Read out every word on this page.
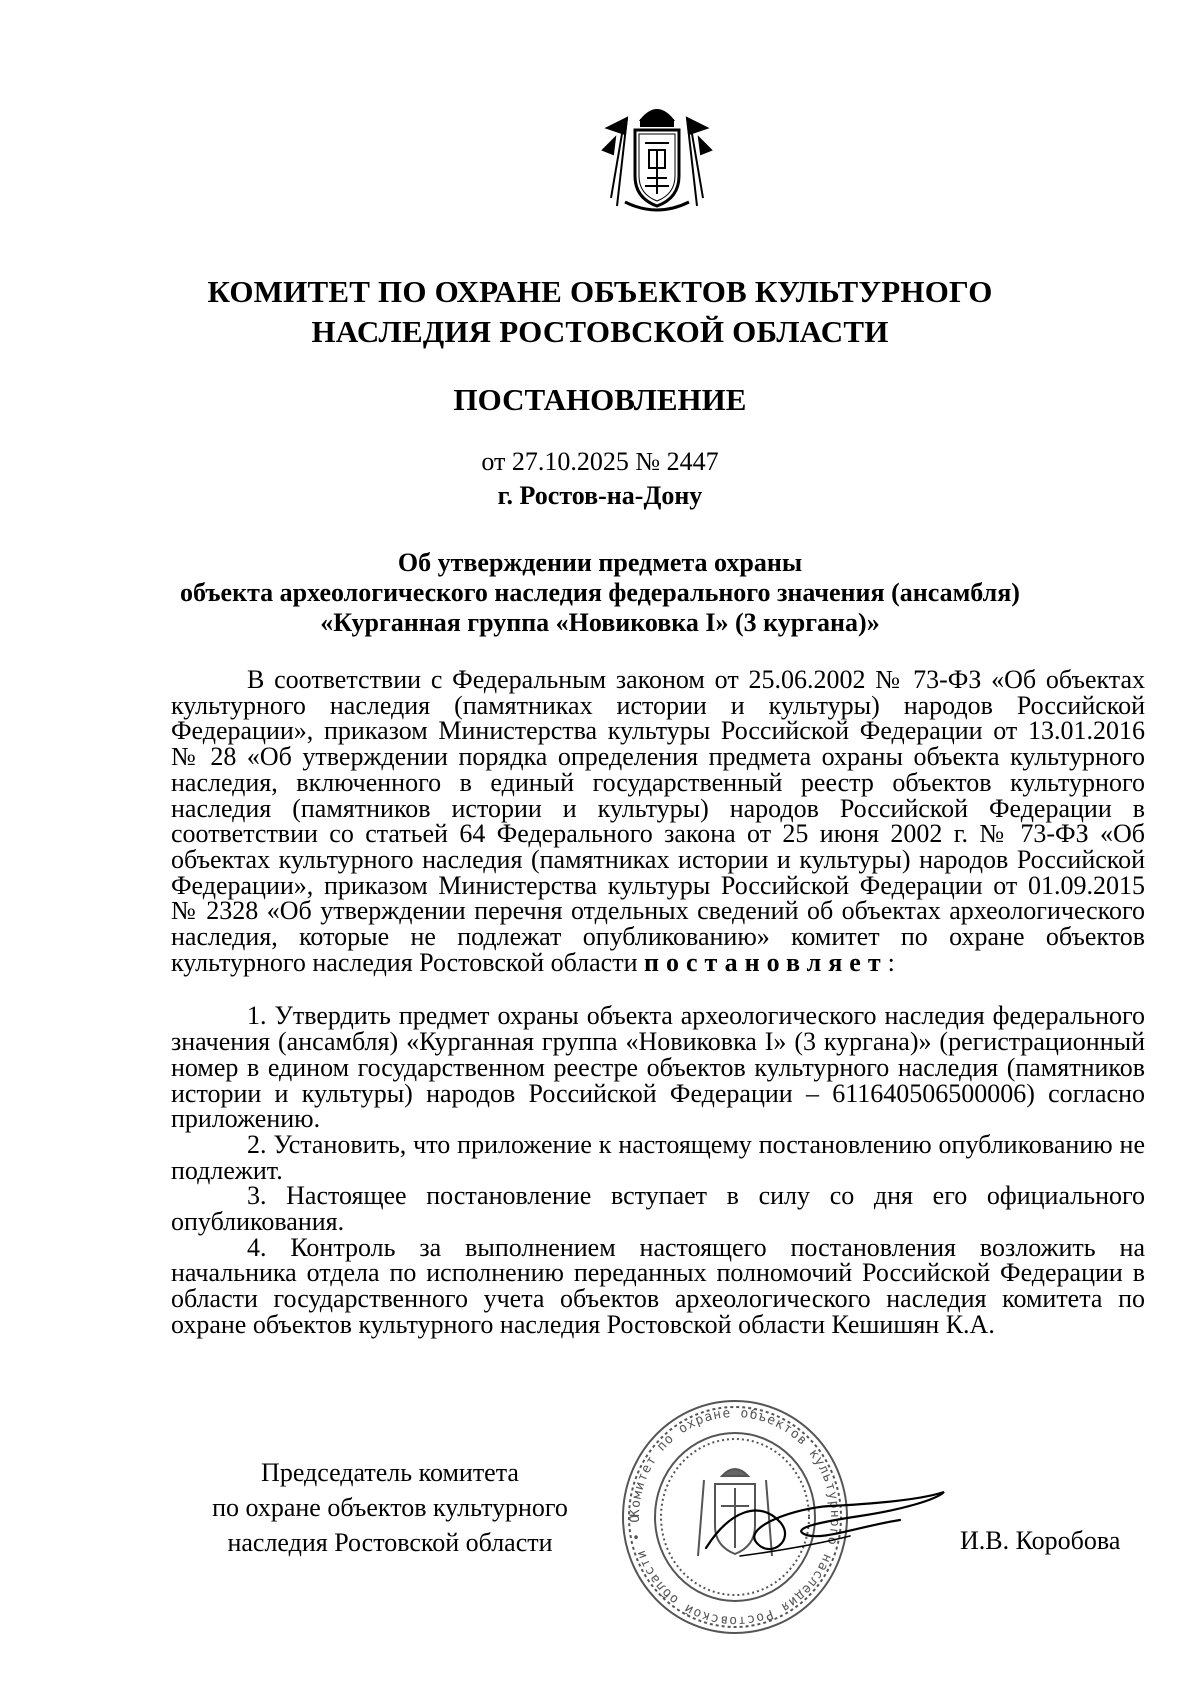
КОМИТЕТ ПО ОХРАНЕ ОБЪЕКТОВ КУЛЬТУРНОГО
НАСЛЕДИЯ РОСТОВСКОЙ ОБЛАСТИ
ПОСТАНОВЛЕНИЕ
от 27.10.2025 № 2447
г. Ростов-на-Дону
Об утверждении предмета охраны
объекта археологического наследия федерального значения (ансамбля)
«Курганная группа «Новиковка I» (3 кургана)»

В соответствии с Федеральным законом от 25.06.2002 № 73-ФЗ «Об объектах культурного наследия (памятниках истории и культуры) народов Российской Федерации», приказом Министерства культуры Российской Федерации от 13.01.2016 № 28 «Об утверждении порядка определения предмета охраны объекта культурного наследия, включенного в единый государственный реестр объектов культурного наследия (памятников истории и культуры) народов Российской Федерации в соответствии со статьей 64 Федерального закона от 25 июня 2002 г. № 73-ФЗ «Об объектах культурного наследия (памятниках истории и культуры) народов Российской Федерации», приказом Министерства культуры Российской Федерации от 01.09.2015 № 2328 «Об утверждении перечня отдельных сведений об объектах археологического наследия, которые не подлежат опубликованию» комитет по охране объектов культурного наследия Ростовской области постановляет:

1. Утвердить предмет охраны объекта археологического наследия федерального значения (ансамбля) «Курганная группа «Новиковка I» (3 кургана)» (регистрационный номер в едином государственном реестре объектов культурного наследия (памятников истории и культуры) народов Российской Федерации – 611640506500006) согласно приложению.

2. Установить, что приложение к настоящему постановлению опубликованию не подлежит.

3. Настоящее постановление вступает в силу со дня его официального опубликования.

4. Контроль за выполнением настоящего постановления возложить на начальника отдела по исполнению переданных полномочий Российской Федерации в области государственного учета объектов археологического наследия комитета по охране объектов культурного наследия Ростовской области Кешишян К.А.

Председатель комитета
по охране объектов культурного
наследия Ростовской области
Комитет по охране объектов культурного наследия Ростовской области • О
И.В. Коробова
